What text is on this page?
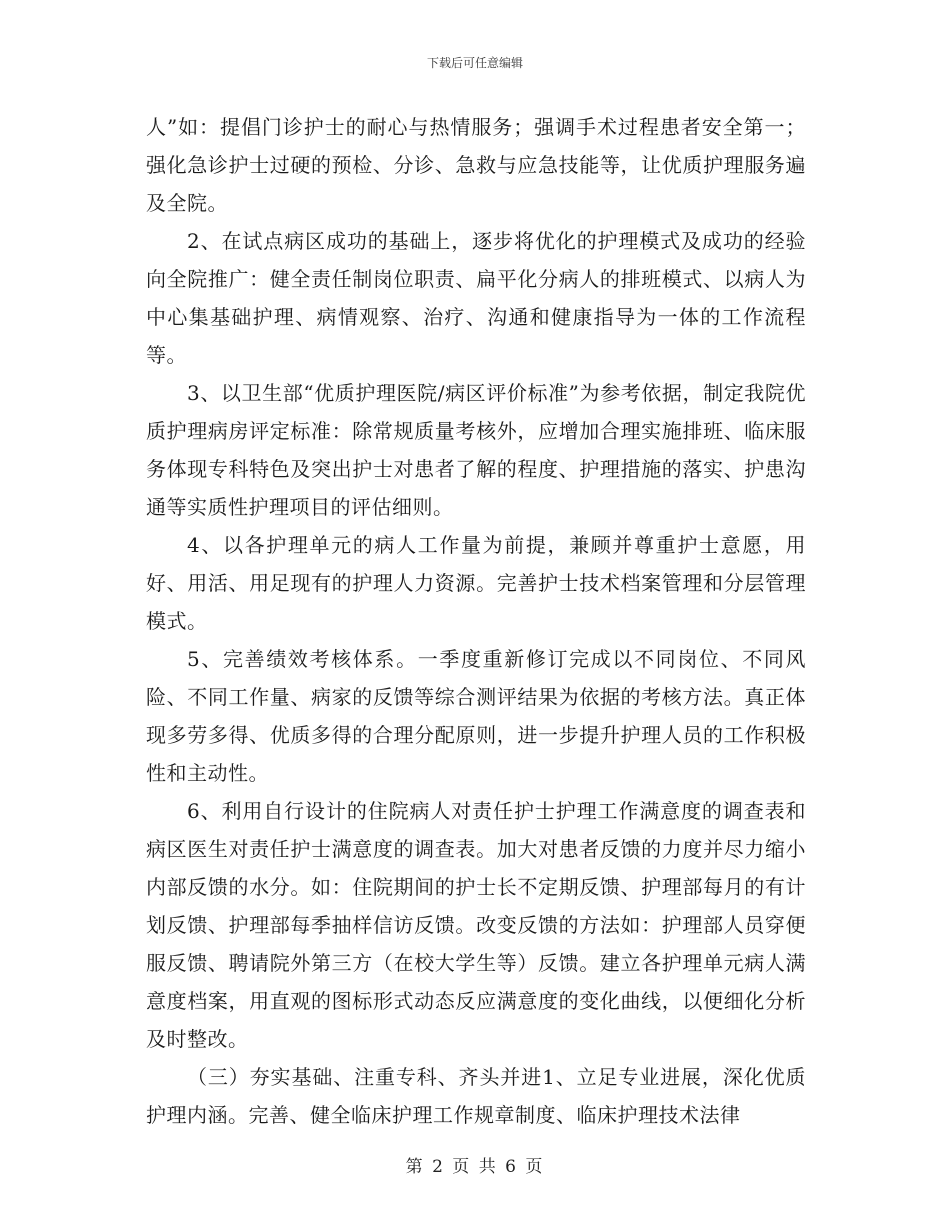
下载后可任意编辑

人”如：提倡门诊护士的耐心与热情服务；强调手术过程患者安全第一；强化急诊护士过硬的预检、分诊、急救与应急技能等，让优质护理服务遍及全院。

2、在试点病区成功的基础上，逐步将优化的护理模式及成功的经验向全院推广：健全责任制岗位职责、扁平化分病人的排班模式、以病人为中心集基础护理、病情观察、治疗、沟通和健康指导为一体的工作流程等。

3、以卫生部“优质护理医院/病区评价标准”为参考依据，制定我院优质护理病房评定标准：除常规质量考核外，应增加合理实施排班、临床服务体现专科特色及突出护士对患者了解的程度、护理措施的落实、护患沟通等实质性护理项目的评估细则。

4、以各护理单元的病人工作量为前提，兼顾并尊重护士意愿，用好、用活、用足现有的护理人力资源。完善护士技术档案管理和分层管理模式。

5、完善绩效考核体系。一季度重新修订完成以不同岗位、不同风险、不同工作量、病家的反馈等综合测评结果为依据的考核方法。真正体现多劳多得、优质多得的合理分配原则，进一步提升护理人员的工作积极性和主动性。

6、利用自行设计的住院病人对责任护士护理工作满意度的调查表和病区医生对责任护士满意度的调查表。加大对患者反馈的力度并尽力缩小内部反馈的水分。如：住院期间的护士长不定期反馈、护理部每月的有计划反馈、护理部每季抽样信访反馈。改变反馈的方法如：护理部人员穿便服反馈、聘请院外第三方（在校大学生等）反馈。建立各护理单元病人满意度档案，用直观的图标形式动态反应满意度的变化曲线，以便细化分析及时整改。

（三）夯实基础、注重专科、齐头并进1、立足专业进展，深化优质护理内涵。完善、健全临床护理工作规章制度、临床护理技术法律

第 2 页 共 6 页
